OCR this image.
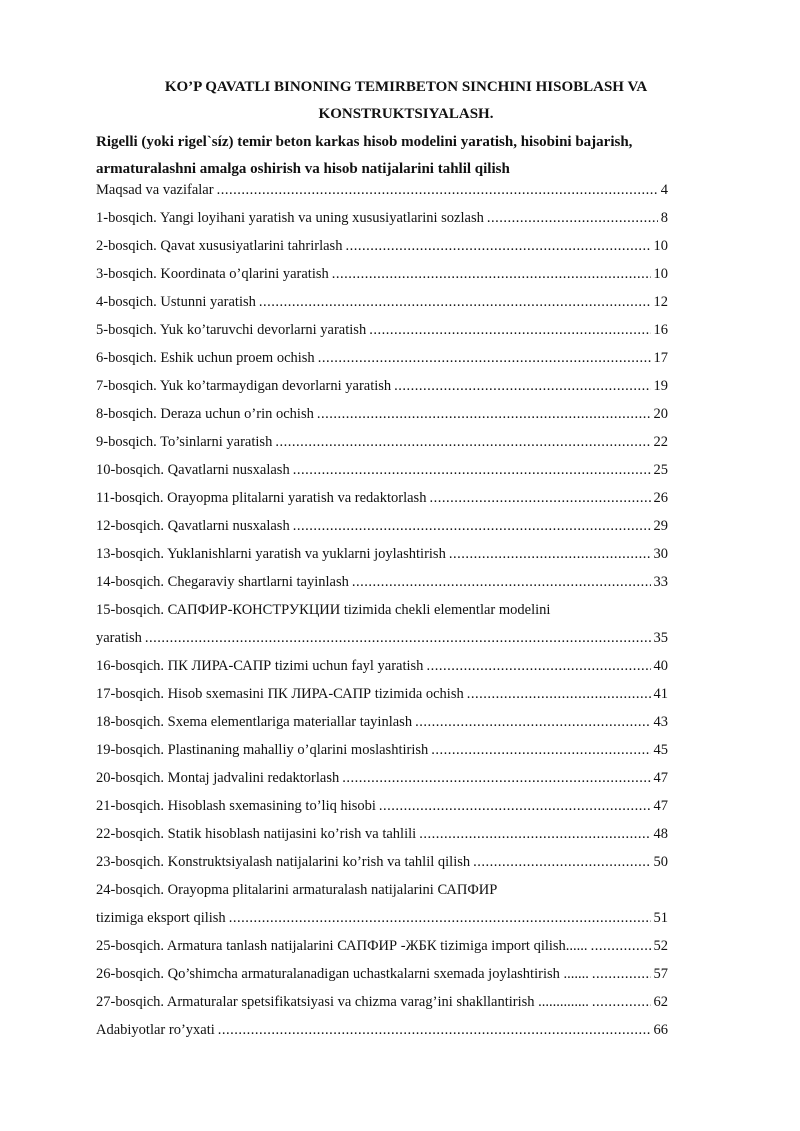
KO’P QAVATLI BINONING TEMIRBETON SINCHINI HISOBLASH VA
KONSTRUKTSIYALASH.
Rigelli (yoki rigel`síz) temir beton karkas hisob modelini yaratish, hisobini bajarish,
armaturalashni amalga oshirish va hisob natijalarini tahlil qilish
Maqsad va vazifalar .....	4
1-bosqich. Yangi loyihani yaratish va uning xususiyatlarini sozlash .....	8
2-bosqich. Qavat xususiyatlarini tahrirlash .....	10
3-bosqich. Koordinata o’qlarini yaratish .....	10
4-bosqich. Ustunni yaratish .....	12
5-bosqich. Yuk ko’taruvchi devorlarni yaratish .....	16
6-bosqich. Eshik uchun proem ochish .....	17
7-bosqich. Yuk ko’tarmaydigan devorlarni yaratish .....	19
8-bosqich. Deraza uchun o’rin ochish .....	20
9-bosqich. To’sinlarni yaratish .....	22
10-bosqich. Qavatlarni nusxalash .....	25
11-bosqich. Orayopma plitalarni yaratish va redaktorlash .....	26
12-bosqich. Qavatlarni nusxalash .....	29
13-bosqich. Yuklanishlarni yaratish va yuklarni joylashtirish .....	30
14-bosqich. Chegaraviy shartlarni tayinlash .....	33
15-bosqich. САПФИР-КОНСТРУКЦИИ tizimida chekli elementlar modelini
yaratish .....	35
16-bosqich. ПК ЛИРА-САПР tizimi uchun fayl yaratish .....	40
17-bosqich. Hisob sxemasini ПК ЛИРА-САПР tizimida ochish .....	41
18-bosqich. Sxema elementlariga materiallar tayinlash .....	43
19-bosqich. Plastinaning mahalliy o’qlarini moslashtirish .....	45
20-bosqich. Montaj jadvalini redaktorlash .....	47
21-bosqich. Hisoblash sxemasining to’liq hisobi .....	47
22-bosqich. Statik hisoblash natijasini ko’rish va tahlili .....	48
23-bosqich. Konstruktsiyalash natijalarini ko’rish va tahlil qilish .....	50
24-bosqich. Orayopma plitalarini armaturalash natijalarini САПФИР
tizimiga eksport qilish .....	51
25-bosqich. Armatura tanlash natijalarini САПФИР -ЖБК tizimiga import qilish...... .....	52
26-bosqich. Qo’shimcha armaturalanadigan uchastkalarni sxemada joylashtirish ....... .....	57
27-bosqich. Armaturalar spetsifikatsiyasi va chizma varag’ini shakllantirish .............. .....	62
Adabiyotlar ro’yxati .....	66
